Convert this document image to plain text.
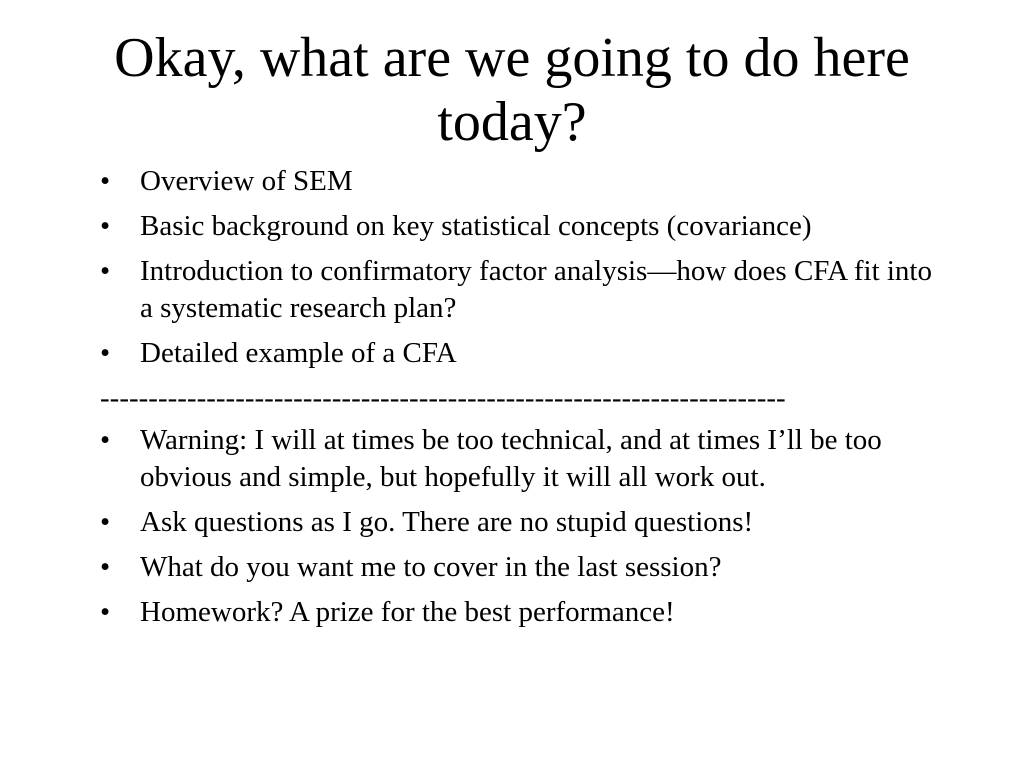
Okay, what are we going to do here today?
•	Overview of SEM
•	Basic background on key statistical concepts (covariance)
•	Introduction to confirmatory factor analysis—how does CFA fit into a systematic research plan?
•	Detailed example of a CFA
-----------------------------------------------------------------------
•	Warning: I will at times be too technical, and at times I’ll be too obvious and simple, but hopefully it will all work out.
•	Ask questions as I go. There are no stupid questions!
•	What do you want me to cover in the last session?
•	Homework? A prize for the best performance!
